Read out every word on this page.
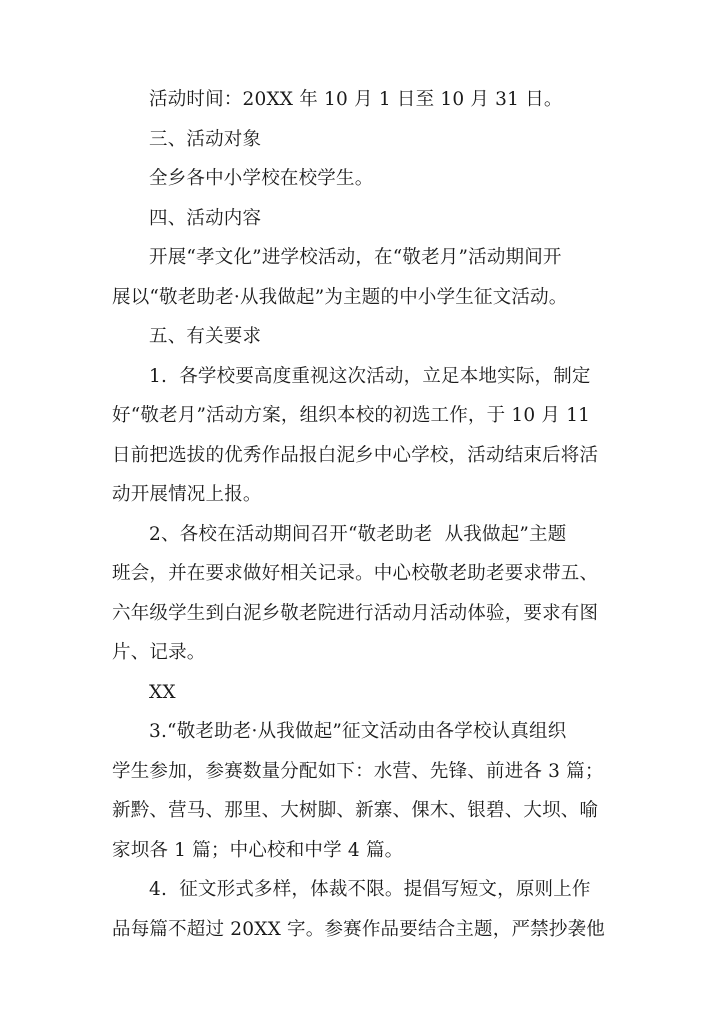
活动时间：20XX 年 10 月 1 日至 10 月 31 日。
三、活动对象
全乡各中小学校在校学生。
四、活动内容
开展“孝文化”进学校活动，在“敬老月”活动期间开
展以“敬老助老·从我做起”为主题的中小学生征文活动。
五、有关要求
1.  各学校要高度重视这次活动，立足本地实际，制定
好“敬老月”活动方案，组织本校的初选工作，于 10 月 11
日前把选拔的优秀作品报白泥乡中心学校，活动结束后将活
动开展情况上报。
2、各校在活动期间召开“敬老助老  从我做起”主题
班会，并在要求做好相关记录。中心校敬老助老要求带五、
六年级学生到白泥乡敬老院进行活动月活动体验，要求有图
片、记录。
XX
3.“敬老助老·从我做起”征文活动由各学校认真组织
学生参加，参赛数量分配如下：水营、先锋、前进各 3 篇；
新黔、营马、那里、大树脚、新寨、倮木、银碧、大坝、喻
家坝各 1 篇；中心校和中学 4 篇。
4.  征文形式多样，体裁不限。提倡写短文，原则上作
品每篇不超过 20XX 字。参赛作品要结合主题，严禁抄袭他
